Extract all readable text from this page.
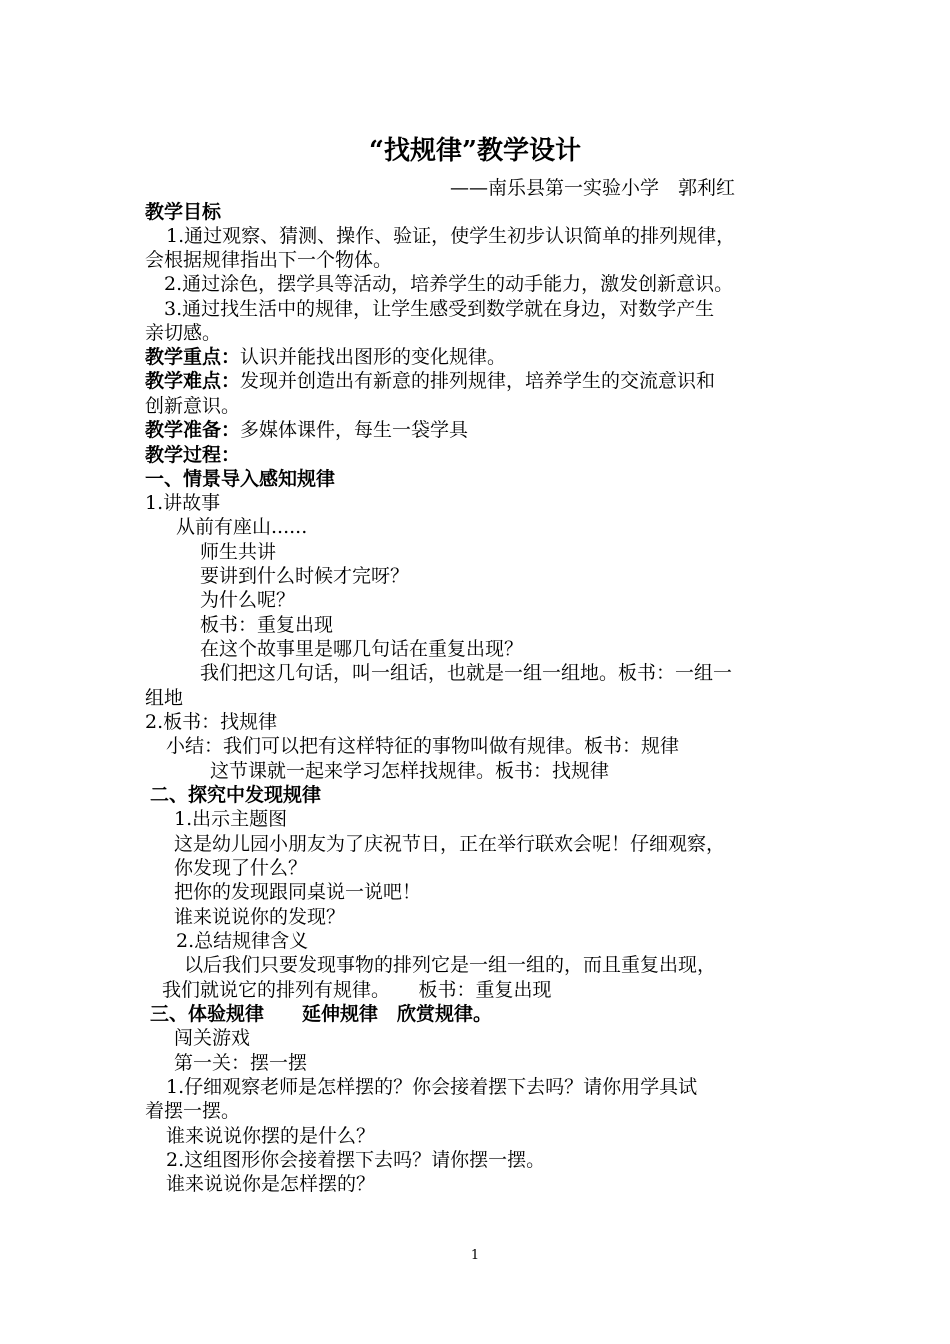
“找规律”教学设计
——南乐县第一实验小学　郭利红
教学目标
1.通过观察、猜测、操作、验证，使学生初步认识简单的排列规律，
会根据规律指出下一个物体。
2.通过涂色，摆学具等活动，培养学生的动手能力，激发创新意识。
3.通过找生活中的规律，让学生感受到数学就在身边，对数学产生
亲切感。
教学重点：认识并能找出图形的变化规律。
教学难点：发现并创造出有新意的排列规律，培养学生的交流意识和
创新意识。
教学准备：多媒体课件，每生一袋学具
教学过程：
一、情景导入感知规律
1.讲故事
从前有座山......
师生共讲
要讲到什么时候才完呀？
为什么呢？
板书：重复出现
在这个故事里是哪几句话在重复出现？
我们把这几句话，叫一组话，也就是一组一组地。板书：一组一
组地
2.板书：找规律
小结：我们可以把有这样特征的事物叫做有规律。板书：规律
这节课就一起来学习怎样找规律。板书：找规律
二、探究中发现规律
1.出示主题图
这是幼儿园小朋友为了庆祝节日，正在举行联欢会呢！仔细观察，
你发现了什么？
把你的发现跟同桌说一说吧！
谁来说说你的发现？
2.总结规律含义
以后我们只要发现事物的排列它是一组一组的，而且重复出现，
我们就说它的排列有规律。　　板书：重复出现
三、体验规律　　延伸规律　欣赏规律。
闯关游戏
第一关：摆一摆
1.仔细观察老师是怎样摆的？你会接着摆下去吗？请你用学具试
着摆一摆。
谁来说说你摆的是什么？
2.这组图形你会接着摆下去吗？请你摆一摆。
谁来说说你是怎样摆的？
1
